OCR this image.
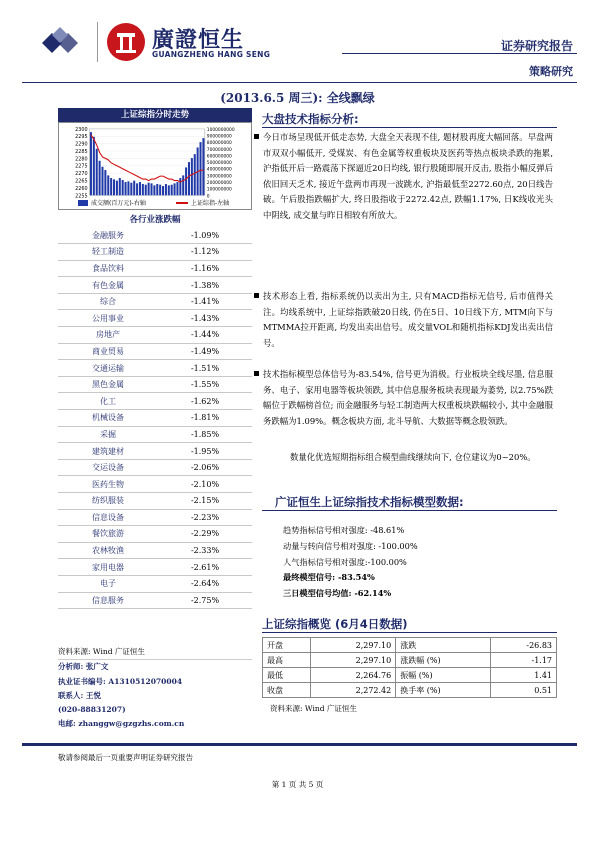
廣證恒生
GUANGZHENG HANG SENG
证券研究报告
策略研究
(2013.6.5 周三): 全线飘绿
上证综指分时走势
2300
2295
2290
2285
2280
2275
2270
2265
2260
2255
1000000000
900000000
800000000
700000000
600000000
500000000
400000000
300000000
200000000
100000000
0
成交额(百万元)-右轴	上证综指-左轴
各行业涨跌幅
金融服务	-1.09%
轻工制造	-1.12%
食品饮料	-1.16%
有色金属	-1.38%
综合	-1.41%
公用事业	-1.43%
房地产	-1.44%
商业贸易	-1.49%
交通运输	-1.51%
黑色金属	-1.55%
化工	-1.62%
机械设备	-1.81%
采掘	-1.85%
建筑建材	-1.95%
交运设备	-2.06%
医药生物	-2.10%
纺织服装	-2.15%
信息设备	-2.23%
餐饮旅游	-2.29%
农林牧渔	-2.33%
家用电器	-2.61%
电子	-2.64%
信息服务	-2.75%
资料来源: Wind 广证恒生
分析师: 张广文
执业证书编号: A1310512070004
联系人: 王悦
(020-88831207)
电邮: zhanggw@gzgzhs.com.cn
大盘技术指标分析:
今日市场呈现低开低走态势, 大盘全天表现不佳, 题材股再度大幅回落。早盘两市双双小幅低开, 受煤炭、有色金属等权重板块及医药等热点板块杀跌的拖累, 沪指低开后一路震荡下探逼近20日均线, 银行股随即展开反击, 股指小幅反弹后依旧回天乏术, 接近午盘两市再现一波跳水, 沪指最低至2272.60点, 20日线告破。午后股指跌幅扩大, 终日股指收于2272.42点, 跌幅1.17%, 日K线收光头中阴线, 成交量与昨日相较有所放大。
技术形态上看, 指标系统仍以卖出为主, 只有MACD指标无信号, 后市值得关注。均线系统中, 上证综指跌破20日线, 仍在5日、10日线下方, MTM向下与MTMMA拉开距离, 均发出卖出信号。成交量VOL和随机指标KDJ发出卖出信号。
技术指标模型总体信号为-83.54%, 信号更为消极。行业板块全线尽墨, 信息服务、电子、家用电器等板块领跌, 其中信息服务板块表现最为萎势, 以2.75%跌幅位于跌幅榜首位; 而金融服务与轻工制造两大权重板块跌幅较小, 其中金融服务跌幅为1.09%。概念板块方面, 北斗导航、大数据等概念股领跌。
数量化优选短期指标组合模型曲线继续向下, 仓位建议为0~20%。
广证恒生上证综指技术指标模型数据:
趋势指标信号相对强度: -48.61%
动量与转向信号相对强度: -100.00%
人气指标信号相对强度:-100.00%
最终模型信号: -83.54%
三日模型信号均值: -62.14%
上证综指概览 (6月4日数据)
开盘	2,297.10	涨跌	-26.83
最高	2,297.10	涨跌幅 (%)	-1.17
最低	2,264.76	振幅 (%)	1.41
收盘	2,272.42	换手率 (%)	0.51
资料来源: Wind 广证恒生
敬请参阅最后一页重要声明证券研究报告
第 1 页 共 5 页
